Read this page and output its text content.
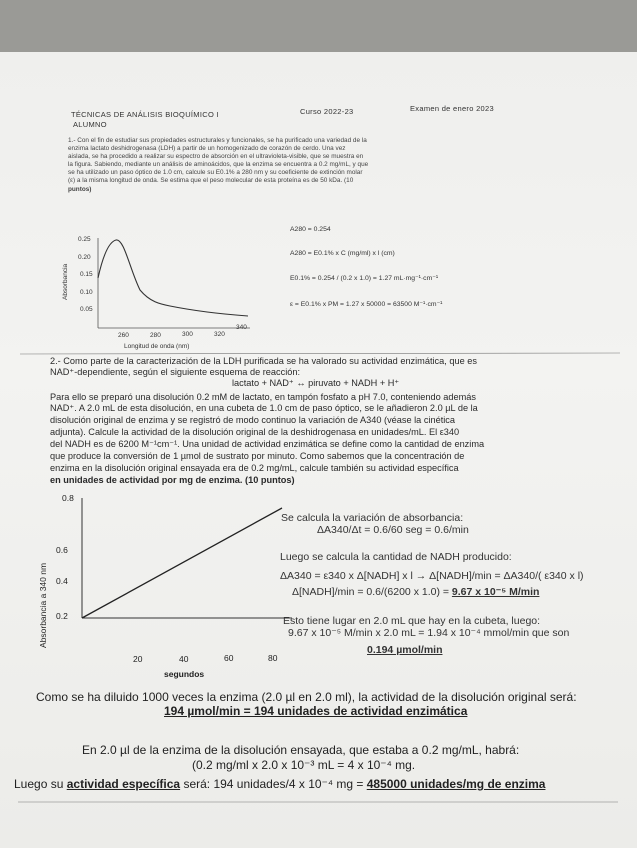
TÉCNICAS DE ANÁLISIS BIOQUÍMICO I
ALUMNO
Curso 2022-23	Examen de enero 2023
1.- Con el fin de estudiar sus propiedades estructurales y funcionales, se ha purificado una variedad de la
enzima lactato deshidrogenasa (LDH) a partir de un homogenizado de corazón de cerdo. Una vez
aislada, se ha procedido a realizar su espectro de absorción en el ultravioleta-visible, que se muestra en
la figura. Sabiendo, mediante un análisis de aminoácidos, que la enzima se encuentra a 0.2 mg/mL, y que
se ha utilizado un paso óptico de 1.0 cm, calcule su E0.1% a 280 nm y su coeficiente de extinción molar
(ε) a la misma longitud de onda. Se estima que el peso molecular de esta proteína es de 50 kDa. (10
puntos)
0.25
0.20
0.15
0.10
0.05
Absorbancia
260	280	300	320
340
Longitud de onda (nm)
A280 = 0.254
A280 = E0.1% x C (mg/ml) x l (cm)
E0.1% = 0.254 / (0.2 x 1.0) = 1.27 mL·mg⁻¹·cm⁻¹
ε = E0.1% x PM = 1.27 x 50000 = 63500 M⁻¹·cm⁻¹
2.- Como parte de la caracterización de la LDH purificada se ha valorado su actividad enzimática, que es
NAD⁺-dependiente, según el siguiente esquema de reacción:
lactato + NAD⁺ ↔ piruvato + NADH + H⁺
Para ello se preparó una disolución 0.2 mM de lactato, en tampón fosfato a pH 7.0, conteniendo además
NAD⁺. A 2.0 mL de esta disolución, en una cubeta de 1.0 cm de paso óptico, se le añadieron 2.0 µL de la
disolución original de enzima y se registró de modo continuo la variación de A340 (véase la cinética
adjunta). Calcule la actividad de la disolución original de la deshidrogenasa en unidades/mL. El ε340
del NADH es de 6200 M⁻¹cm⁻¹. Una unidad de actividad enzimática se define como la cantidad de enzima
que produce la conversión de 1 µmol de sustrato por minuto. Como sabemos que la concentración de
enzima en la disolución original ensayada era de 0.2 mg/mL, calcule también su actividad específica
en unidades de actividad por mg de enzima. (10 puntos)
0.8
0.6
0.4
0.2
Absorbancia a 340 nm
20	40	60	80
segundos
Se calcula la variación de absorbancia:
ΔA340/Δt = 0.6/60 seg = 0.6/min
Luego se calcula la cantidad de NADH producido:
ΔA340 = ε340 x Δ[NADH] x l → Δ[NADH]/min = ΔA340/( ε340 x l)
Δ[NADH]/min = 0.6/(6200 x 1.0) = 9.67 x 10⁻⁵ M/min
Esto tiene lugar en 2.0 mL que hay en la cubeta, luego:
9.67 x 10⁻⁵ M/min x 2.0 mL = 1.94 x 10⁻⁴ mmol/min que son
0.194 µmol/min
Como se ha diluido 1000 veces la enzima (2.0 µl en 2.0 ml), la actividad de la disolución original será:
194 µmol/min = 194 unidades de actividad enzimática
En 2.0 µl de la enzima de la disolución ensayada, que estaba a 0.2 mg/mL, habrá:
(0.2 mg/ml x 2.0 x 10⁻³ mL = 4 x 10⁻⁴ mg.
Luego su actividad específica será: 194 unidades/4 x 10⁻⁴ mg = 485000 unidades/mg de enzima
